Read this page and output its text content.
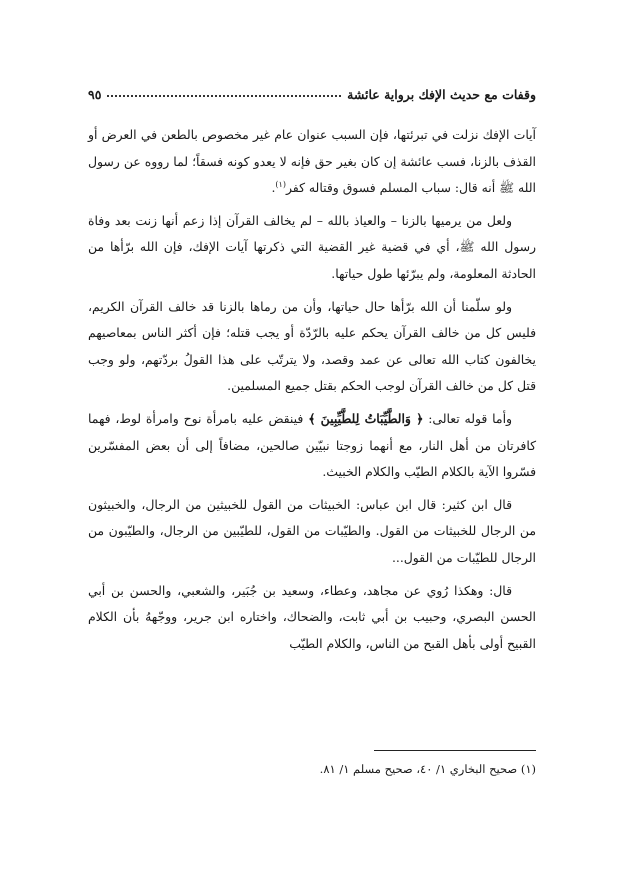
وقفات مع حديث الإفك برواية عائشة
٩٥

آيات الإفك نزلت في تبرئتها، فإن السبب عنوان عام غير مخصوص بالطعن في العرض أو القذف بالزنا، فسب عائشة إن كان بغير حق فإنه لا يعدو كونه فسقاً؛ لما رووه عن رسول الله ﷺ أنه قال: سباب المسلم فسوق وقتاله كفر$^{(١)}$.

ولعل من يرميها بالزنا – والعياذ بالله – لم يخالف القرآن إذا زعم أنها زنت بعد وفاة رسول الله ﷺ، أي في قضية غير القضية التي ذكرتها آيات الإفك، فإن الله برّأها من الحادثة المعلومة، ولم يبرّئها طول حياتها.

ولو سلّمنا أن الله برّأها حال حياتها، وأن من رماها بالزنا قد خالف القرآن الكريم، فليس كل من خالف القرآن يحكم عليه بالرّدّة أو يجب قتله؛ فإن أكثر الناس بمعاصيهم يخالفون كتاب الله تعالى عن عمد وقصد، ولا يترتّب على هذا القولُ بردّتهم، ولو وجب قتل كل من خالف القرآن لوجب الحكم بقتل جميع المسلمين.

وأما قوله تعالى: ﴿ وَالطَّيِّبَاتُ لِلطَّيِّبِينَ ﴾ فينقض عليه بامرأة نوح وامرأة لوط، فهما كافرتان من أهل النار، مع أنهما زوجتا نبيّين صالحين، مضافاً إلى أن بعض المفسّرين فسّروا الآية بالكلام الطيّب والكلام الخبيث.

قال ابن كثير: قال ابن عباس: الخبيثات من القول للخبيثين من الرجال، والخبيثون من الرجال للخبيثات من القول. والطيّبات من القول، للطيّبين من الرجال، والطيّبون من الرجال للطيّبات من القول...

قال: وهكذا رُوي عن مجاهد، وعطاء، وسعيد بن جُبَير، والشعبي، والحسن بن أبي الحسن البصري، وحبيب بن أبي ثابت، والضحاك، واختاره ابن جرير، ووجّههُ بأن الكلام القبيح أولى بأهل القبح من الناس، والكلام الطيّب

(١) صحيح البخاري ١/ ٤٠، صحيح مسلم ١/ ٨١.
